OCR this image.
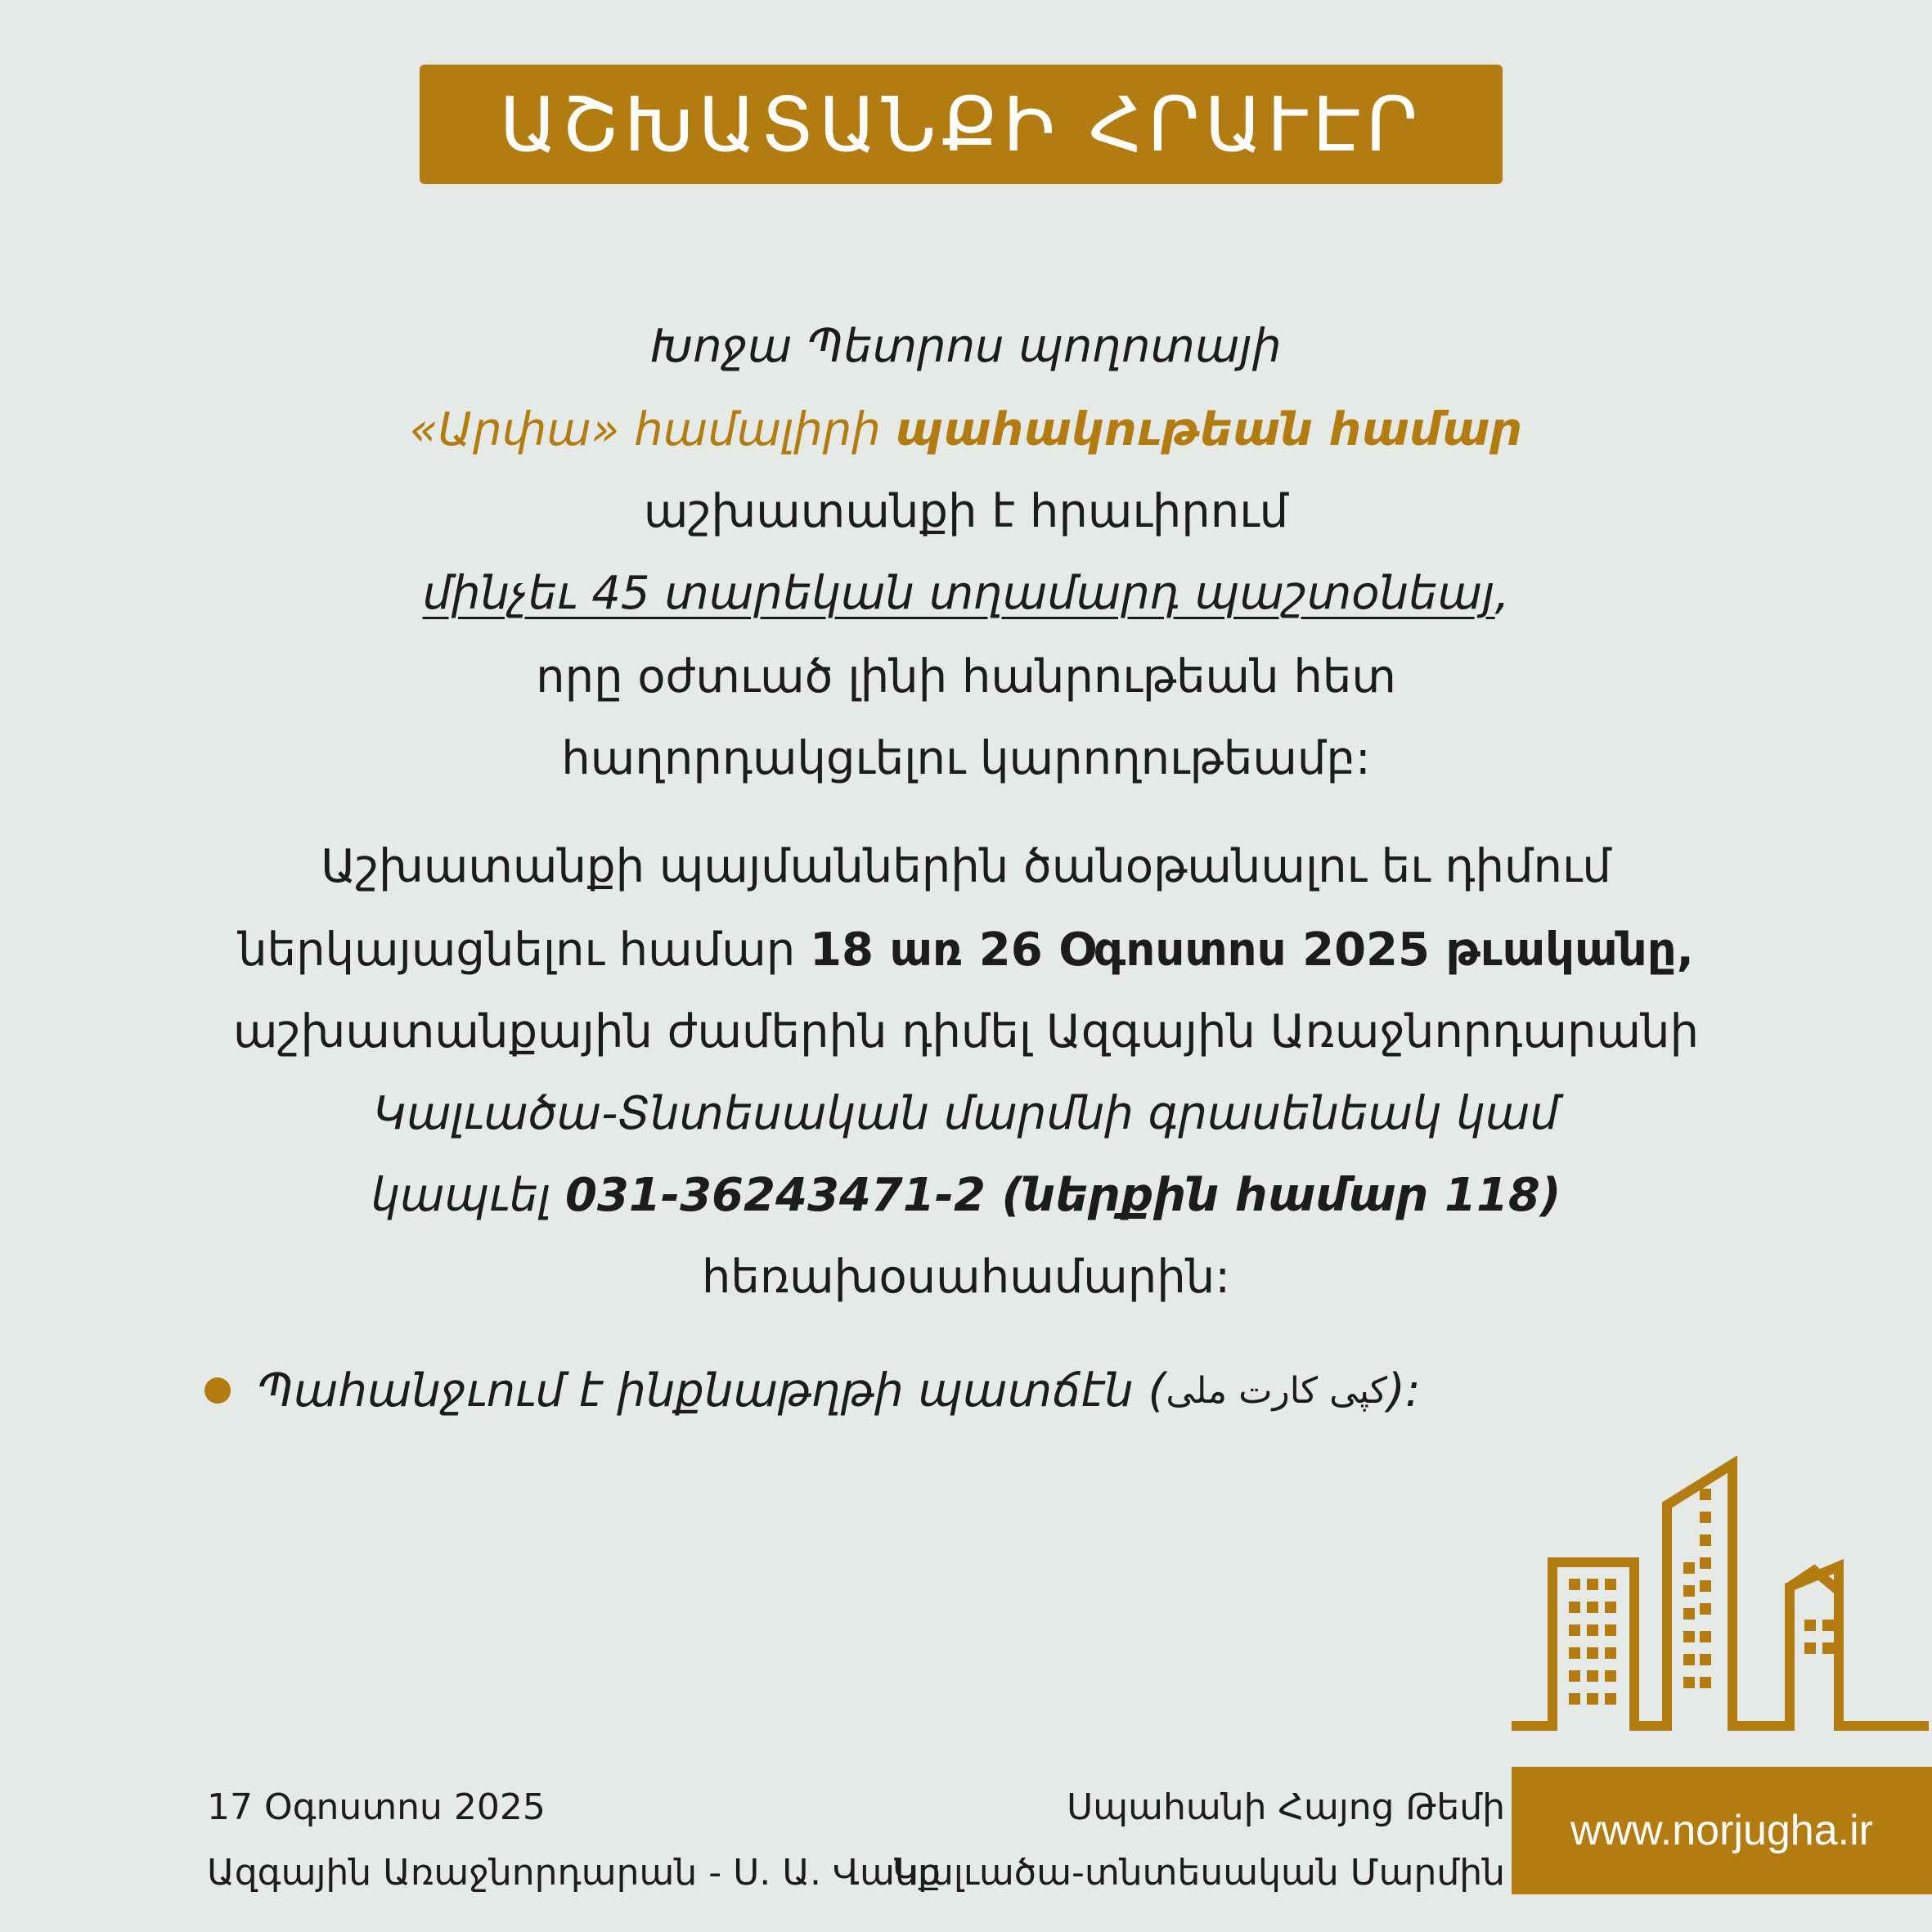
ԱՇԽԱՏԱՆՔԻ ՀՐԱՒԷՐ
Խոջա Պետրոս պողոտայի
«Արփա» համալիրի պահակութեան համար
աշխատանքի է հրաւիրում
մինչեւ 45 տարեկան տղամարդ պաշտօնեայ,
որը օժտւած լինի հանրութեան հետ
հաղորդակցւելու կարողութեամբ:
Աշխատանքի պայմաններին ծանօթանալու եւ դիմում
ներկայացնելու համար 18 առ 26 Օգոստոս 2025 թւականը,
աշխատանքային ժամերին դիմել Ազգային Առաջնորդարանի
Կալւածա-Տնտեսական մարմնի գրասենեակ կամ
կապւել 031-36243471-2 (ներքին համար 118)
հեռախօսահամարին:
Պահանջւում է ինքնաթղթի պատճէն ( کپی کارت ملی ):
17 Օգոստոս 2025
Ազգային Առաջնորդարան - Ս. Ա. Վանք
Սպահանի Հայոց Թեմի
Կալւածա-տնտեսական Մարմին
www.norjugha.ir
